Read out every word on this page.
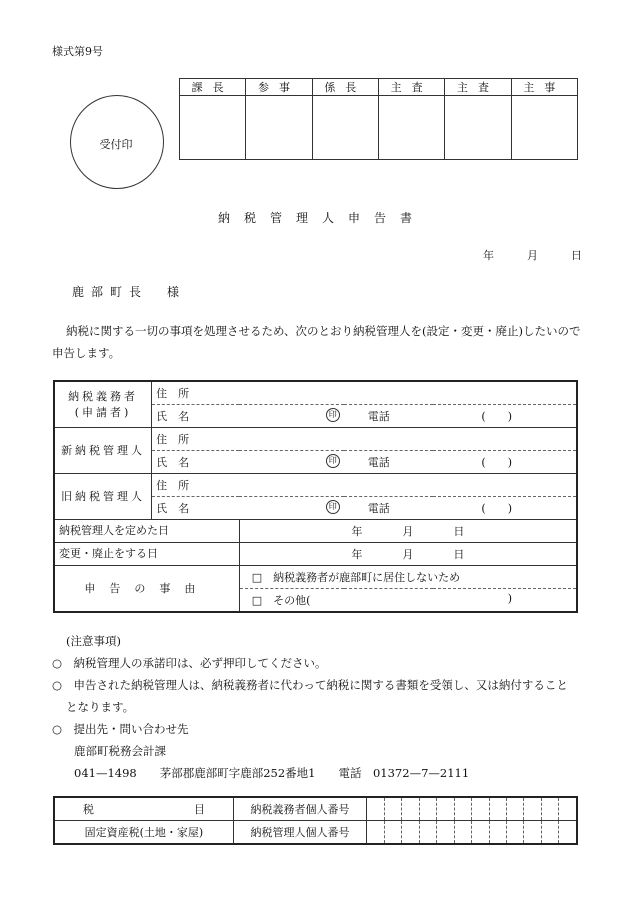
様式第9号
受付印
課長	参事	係長	主査	主査	主事

納税管理人申告書
年	月	日
鹿部町長　様
納税に関する一切の事項を処理させるため、次のとおり納税管理人を(設定・変更・廃止)したいので申告します。
納税義務者
(申請者)	住　所		
	氏　名 印		電話 (　　)

新納税管理人	住　所		
	氏　名 印		電話 (　　)

旧納税管理人	住　所		
	氏　名 印		電話 (　　)

納税管理人を定めた日		年 月 日	
変更・廃止をする日		年 月 日	
申告の事由		□　納税義務者が鹿部町に居住しないため	
		□　その他( )	
(注意事項)
○　納税管理人の承諾印は、必ず押印してください。
○　申告された納税管理人は、納税義務者に代わって納税に関する書類を受領し、又は納付すること
となります。
○　提出先・問い合わせ先
鹿部町税務会計課
041—1498　　茅部郡鹿部町字鹿部252番地1　　電話　01372—7—2111
税 目	納税義務者個人番号												
固定資産税(土地・家屋)	納税管理人個人番号												
